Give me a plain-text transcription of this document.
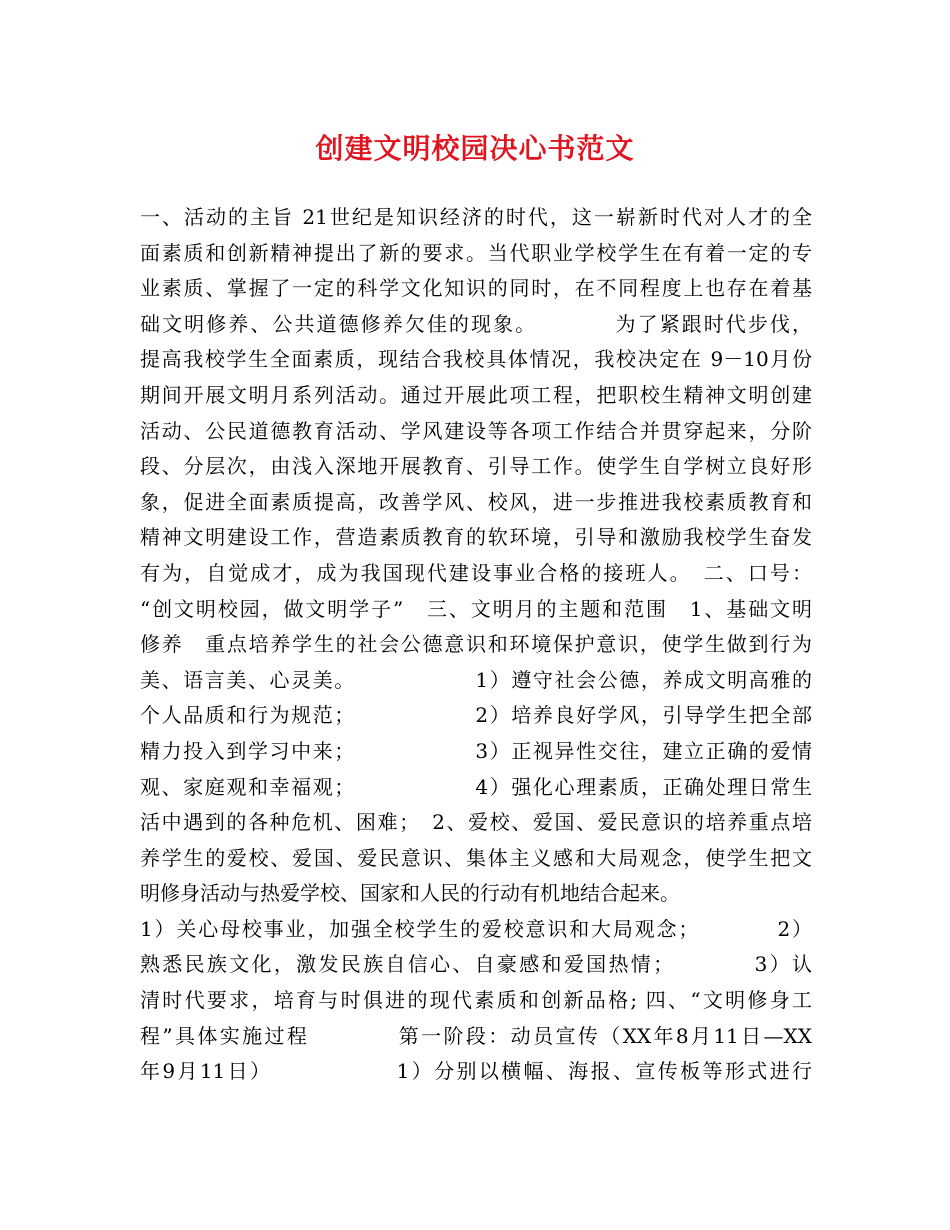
创建文明校园决心书范文
一、活动的主旨 21世纪是知识经济的时代，这一崭新时代对人才的全
面素质和创新精神提出了新的要求。当代职业学校学生在有着一定的专
业素质、掌握了一定的科学文化知识的同时，在不同程度上也存在着基
础文明修养、公共道德修养欠佳的现象。　　　　为了紧跟时代步伐，
提高我校学生全面素质，现结合我校具体情况，我校决定在 9－10月份
期间开展文明月系列活动。通过开展此项工程，把职校生精神文明创建
活动、公民道德教育活动、学风建设等各项工作结合并贯穿起来，分阶
段、分层次，由浅入深地开展教育、引导工作。使学生自学树立良好形
象，促进全面素质提高，改善学风、校风，进一步推进我校素质教育和
精神文明建设工作，营造素质教育的软环境，引导和激励我校学生奋发
有为，自觉成才，成为我国现代建设事业合格的接班人。　二、口号：
“创文明校园，做文明学子”　三、文明月的主题和范围　1、基础文明
修养　重点培养学生的社会公德意识和环境保护意识，使学生做到行为
美、语言美、心灵美。　　　　　　1）遵守社会公德，养成文明高雅的
个人品质和行为规范；　　　　　　2）培养良好学风，引导学生把全部
精力投入到学习中来；　　　　　　3）正视异性交往，建立正确的爱情
观、家庭观和幸福观；　　　　　　4）强化心理素质，正确处理日常生
活中遇到的各种危机、困难；　2、爱校、爱国、爱民意识的培养重点培
养学生的爱校、爱国、爱民意识、集体主义感和大局观念，使学生把文
明修身活动与热爱学校、国家和人民的行动有机地结合起来。
1）关心母校事业，加强全校学生的爱校意识和大局观念；　　　　2）
熟悉民族文化，激发民族自信心、自豪感和爱国热情；　　　　3）认
清时代要求，培育与时俱进的现代素质和创新品格; 四、“文明修身工
程”具体实施过程　　　　第一阶段：动员宣传（XX年8月11日—XX
年9月11日）　　　　　　1）分别以横幅、海报、宣传板等形式进行
